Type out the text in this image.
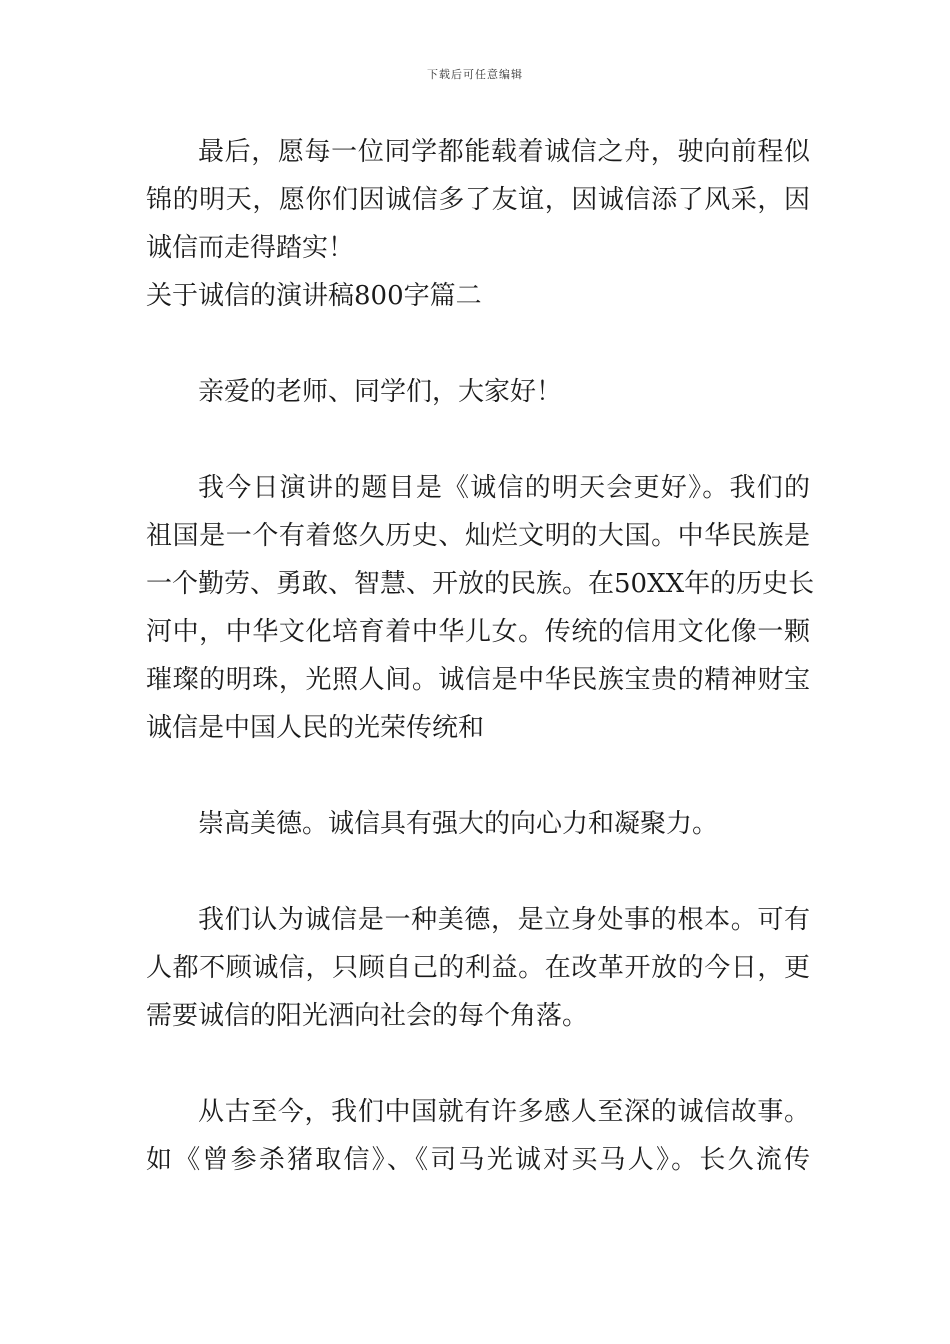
下载后可任意编辑
最后，愿每一位同学都能载着诚信之舟，驶向前程似
锦的明天，愿你们因诚信多了友谊，因诚信添了风采，因
诚信而走得踏实！
关于诚信的演讲稿800字篇二
亲爱的老师、同学们，大家好！
我今日演讲的题目是《诚信的明天会更好》。我们的
祖国是一个有着悠久历史、灿烂文明的大国。中华民族是
一个勤劳、勇敢、智慧、开放的民族。在50XX年的历史长
河中，中华文化培育着中华儿女。传统的信用文化像一颗
璀璨的明珠，光照人间。诚信是中华民族宝贵的精神财宝
诚信是中国人民的光荣传统和
崇高美德。诚信具有强大的向心力和凝聚力。
我们认为诚信是一种美德，是立身处事的根本。可有
人都不顾诚信，只顾自己的利益。在改革开放的今日，更
需要诚信的阳光洒向社会的每个角落。
从古至今，我们中国就有许多感人至深的诚信故事。
如《曾参杀猪取信》、《司马光诚对买马人》。长久流传
